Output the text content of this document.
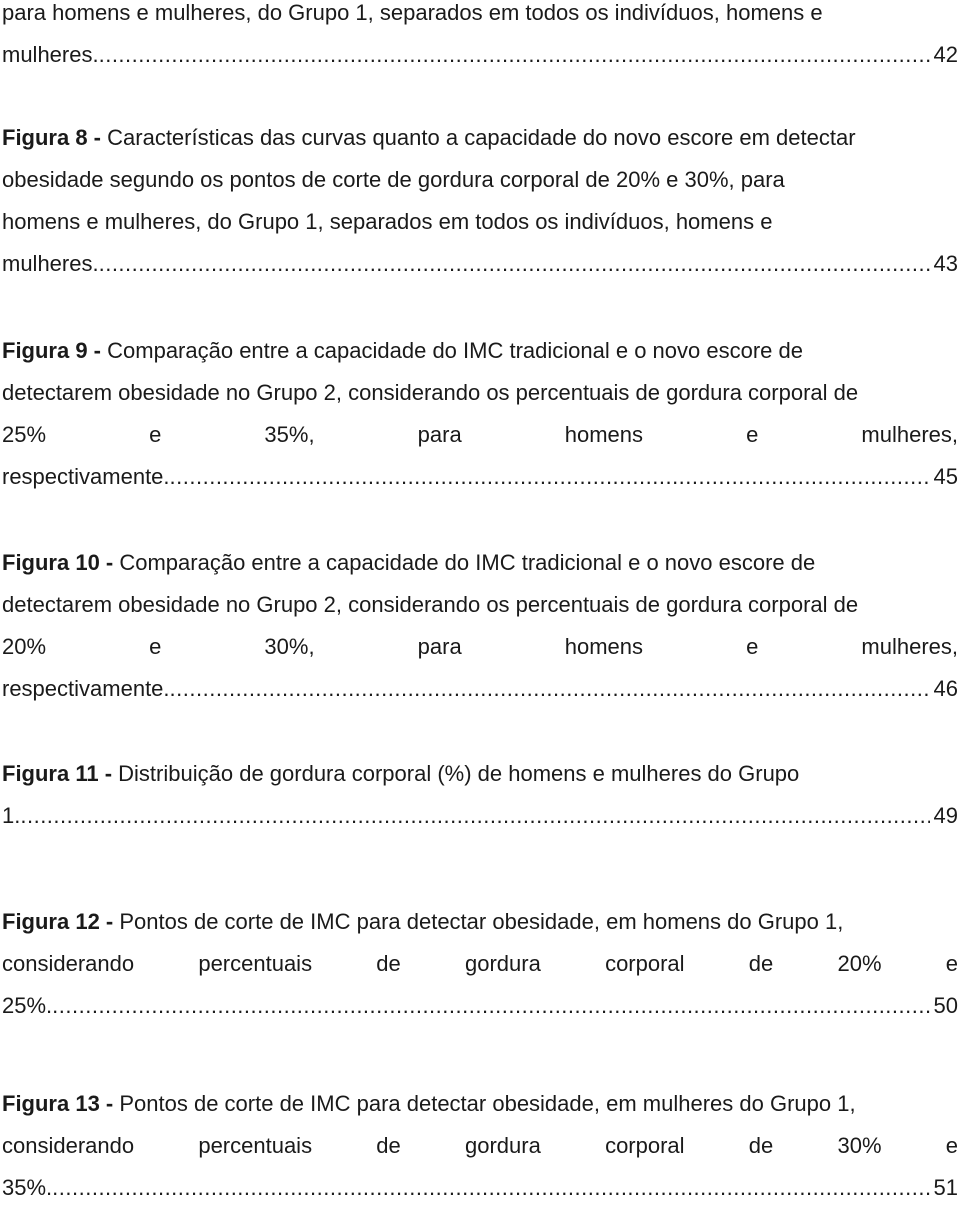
para homens e mulheres, do Grupo 1, separados em todos os indivíduos, homens e
mulheres. .....	42
Figura 8 - Características das curvas quanto a capacidade do novo escore em detectar
obesidade segundo os pontos de corte de gordura corporal de 20% e 30%, para
homens e mulheres, do Grupo 1, separados em todos os indivíduos, homens e
mulheres. .....	43
Figura 9 - Comparação entre a capacidade do IMC tradicional e o novo escore de
detectarem obesidade no Grupo 2, considerando os percentuais de gordura corporal de
25%	e	35%,	para	homens	e	mulheres,
respectivamente. .....	45
Figura 10 - Comparação entre a capacidade do IMC tradicional e o novo escore de
detectarem obesidade no Grupo 2, considerando os percentuais de gordura corporal de
20%	e	30%,	para	homens	e	mulheres,
respectivamente. .....	46
Figura 11 - Distribuição de gordura corporal (%) de homens e mulheres do Grupo
1. .....	49
Figura 12 - Pontos de corte de IMC para detectar obesidade, em homens do Grupo 1,
considerando	percentuais	de	gordura	corporal	de	20%	e
25%. .....	50
Figura 13 - Pontos de corte de IMC para detectar obesidade, em mulheres do Grupo 1,
considerando	percentuais	de	gordura	corporal	de	30%	e
35%. .....	51
